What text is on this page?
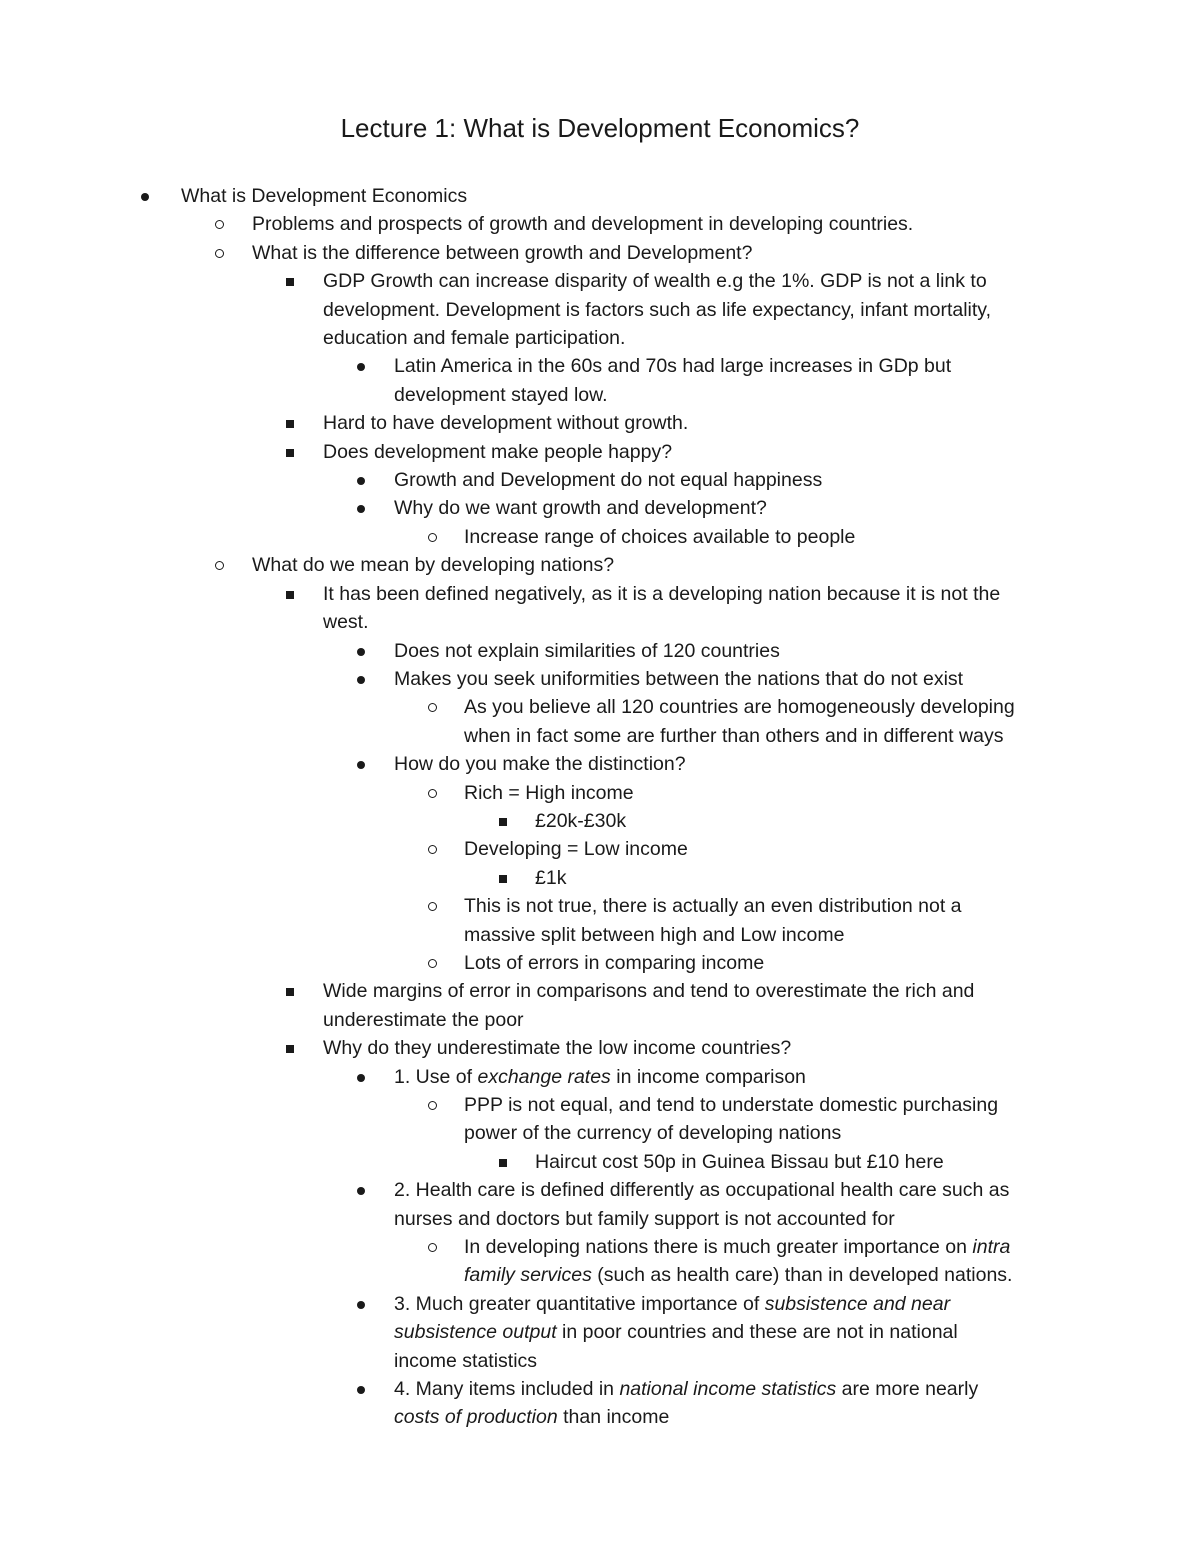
Lecture 1: What is Development Economics?
What is Development Economics
Problems and prospects of growth and development in developing countries.
What is the difference between growth and Development?
GDP Growth can increase disparity of wealth e.g the 1%. GDP is not a link to
development. Development is factors such as life expectancy, infant mortality,
education and female participation.
Latin America in the 60s and 70s had large increases in GDp but
development stayed low.
Hard to have development without growth.
Does development make people happy?
Growth and Development do not equal happiness
Why do we want growth and development?
Increase range of choices available to people
What do we mean by developing nations?
It has been defined negatively, as it is a developing nation because it is not the
west.
Does not explain similarities of 120 countries
Makes you seek uniformities between the nations that do not exist
As you believe all 120 countries are homogeneously developing
when in fact some are further than others and in different ways
How do you make the distinction?
Rich = High income
£20k-£30k
Developing = Low income
£1k
This is not true, there is actually an even distribution not a
massive split between high and Low income
Lots of errors in comparing income
Wide margins of error in comparisons and tend to overestimate the rich and
underestimate the poor
Why do they underestimate the low income countries?
1. Use of exchange rates in income comparison
PPP is not equal, and tend to understate domestic purchasing
power of the currency of developing nations
Haircut cost 50p in Guinea Bissau but £10 here
2. Health care is defined differently as occupational health care such as
nurses and doctors but family support is not accounted for
In developing nations there is much greater importance on intra
family services (such as health care) than in developed nations.
3. Much greater quantitative importance of subsistence and near
subsistence output in poor countries and these are not in national
income statistics
4. Many items included in national income statistics are more nearly
costs of production than income
